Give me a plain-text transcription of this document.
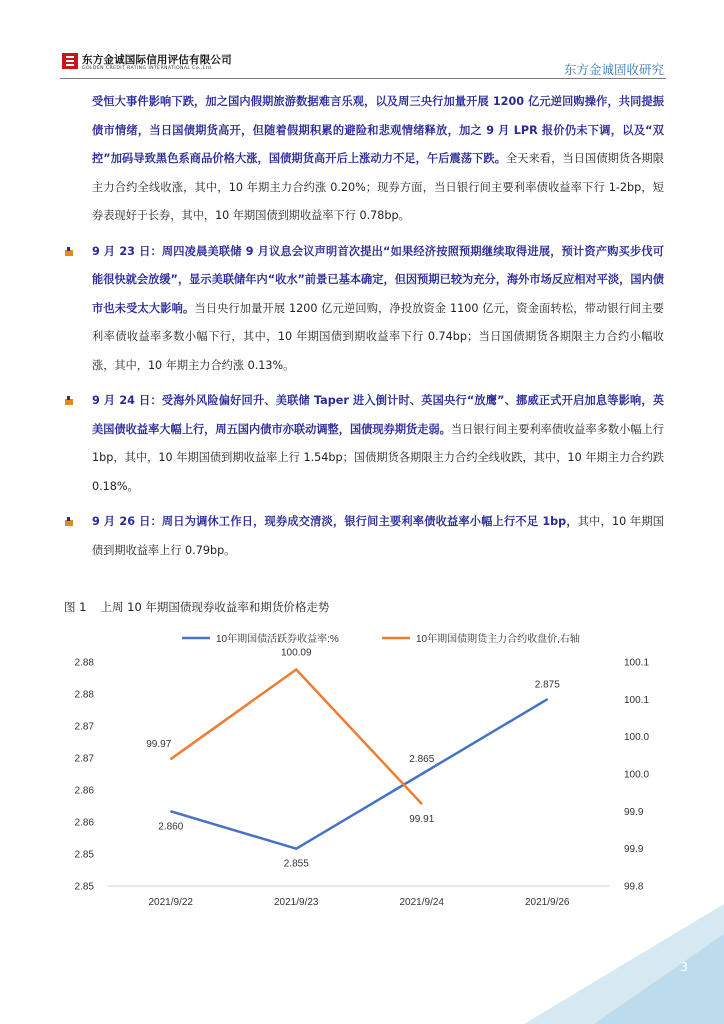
东方金诚国际信用评估有限公司
GOLDEN CREDIT RATING INTERNATIONAL Co.,Ltd.	东方金诚固收研究

受恒大事件影响下跌，加之国内假期旅游数据难言乐观，以及周三央行加量开展 1200 亿元逆回购操作，共同提振债市情绪，当日国债期货高开，但随着假期积累的避险和悲观情绪释放，加之 9 月 LPR 报价仍未下调，以及“双控”加码导致黑色系商品价格大涨，国债期货高开后上涨动力不足，午后震荡下跌。全天来看，当日国债期货各期限主力合约全线收涨，其中，10 年期主力合约涨 0.20%；现券方面，当日银行间主要利率债收益率下行 1-2bp，短券表现好于长券，其中，10 年期国债到期收益率下行 0.78bp。

9 月 23 日：周四凌晨美联储 9 月议息会议声明首次提出“如果经济按照预期继续取得进展，预计资产购买步伐可能很快就会放缓”，显示美联储年内“收水”前景已基本确定，但因预期已较为充分，海外市场反应相对平淡，国内债市也未受太大影响。当日央行加量开展 1200 亿元逆回购，净投放资金 1100 亿元，资金面转松，带动银行间主要利率债收益率多数小幅下行，其中，10 年期国债到期收益率下行 0.74bp；当日国债期货各期限主力合约小幅收涨，其中，10 年期主力合约涨 0.13%。

9 月 24 日：受海外风险偏好回升、美联储 Taper 进入倒计时、英国央行“放鹰”、挪威正式开启加息等影响，英美国债收益率大幅上行，周五国内债市亦联动调整，国债现券期货走弱。当日银行间主要利率债收益率多数小幅上行 1bp，其中，10 年期国债到期收益率上行 1.54bp；国债期货各期限主力合约全线收跌，其中，10 年期主力合约跌 0.18%。

9 月 26 日：周日为调休工作日，现券成交清淡，银行间主要利率债收益率小幅上行不足 1bp，其中，10 年期国债到期收益率上行 0.79bp。

图 1 上周 10 年期国债现券收益率和期货价格走势
2.85
2.85
2.86
2.86
2.87
2.87
2.88
2.88
99.8
99.9
99.9
100.0
100.0
100.1
100.1
2021/9/22	2021/9/23	2021/9/24	2021/9/26
10年期国债活跃券收益率:%	10年期国债期货主力合约收盘价,右轴
2.860
2.855
2.865
2.875
99.97
100.09
99.91
3
